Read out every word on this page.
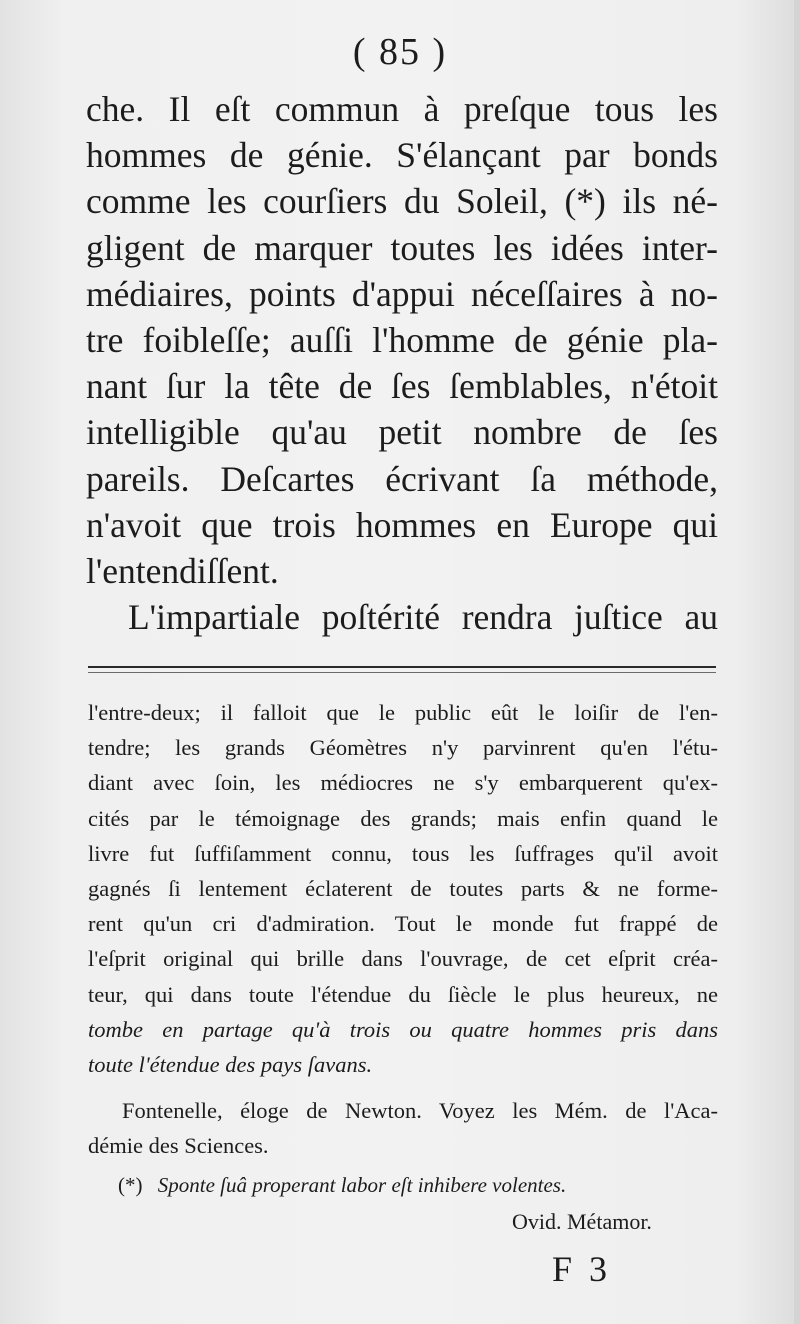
( 85 )
che. Il eſt commun à preſque tous les
hommes de génie. S'élançant par bonds
comme les courſiers du Soleil, (*) ils né-
gligent de marquer toutes les idées inter-
médiaires, points d'appui néceſſaires à no-
tre foibleſſe; auſſi l'homme de génie pla-
nant ſur la tête de ſes ſemblables, n'étoit
intelligible qu'au petit nombre de ſes
pareils. Deſcartes écrivant ſa méthode,
n'avoit que trois hommes en Europe qui
l'entendiſſent.
L'impartiale poſtérité rendra juſtice au
l'entre-deux; il falloit que le public eût le loiſir de l'en-
tendre; les grands Géomètres n'y parvinrent qu'en l'étu-
diant avec ſoin, les médiocres ne s'y embarquerent qu'ex-
cités par le témoignage des grands; mais enfin quand le
livre fut ſuffiſamment connu, tous les ſuffrages qu'il avoit
gagnés ſi lentement éclaterent de toutes parts & ne forme-
rent qu'un cri d'admiration. Tout le monde fut frappé de
l'eſprit original qui brille dans l'ouvrage, de cet eſprit créa-
teur, qui dans toute l'étendue du ſiècle le plus heureux, ne
tombe en partage qu'à trois ou quatre hommes pris dans
toute l'étendue des pays ſavans.
Fontenelle, éloge de Newton. Voyez les Mém. de l'Aca-
démie des Sciences.
(*) Sponte ſuâ properant labor eſt inhibere volentes.
Ovid. Métamor.
F 3
